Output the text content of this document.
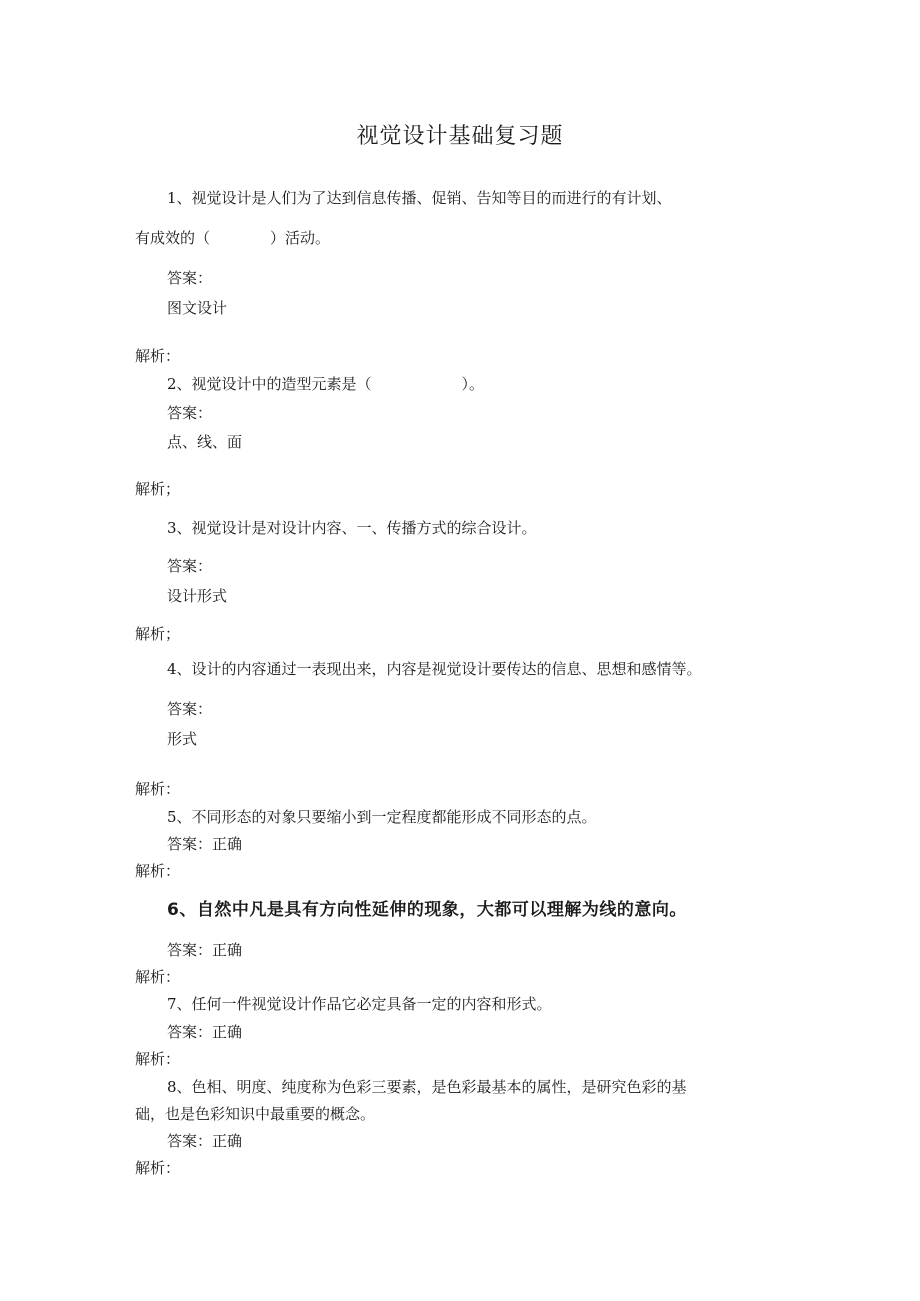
视觉设计基础复习题
1、视觉设计是人们为了达到信息传播、促销、告知等目的而进行的有计划、
有成效的（　　　　）活动。
答案：
图文设计
解析：
2、视觉设计中的造型元素是（　　　　　　）。
答案：
点、线、面
解析；
3、视觉设计是对设计内容、一、传播方式的综合设计。
答案：
设计形式
解析；
4、设计的内容通过一表现出来，内容是视觉设计要传达的信息、思想和感情等。
答案：
形式
解析：
5、不同形态的对象只要缩小到一定程度都能形成不同形态的点。
答案：正确
解析：
6、自然中凡是具有方向性延伸的现象，大都可以理解为线的意向。
答案：正确
解析：
7、任何一件视觉设计作品它必定具备一定的内容和形式。
答案：正确
解析：
8、色相、明度、纯度称为色彩三要素，是色彩最基本的属性，是研究色彩的基
础，也是色彩知识中最重要的概念。
答案：正确
解析：
